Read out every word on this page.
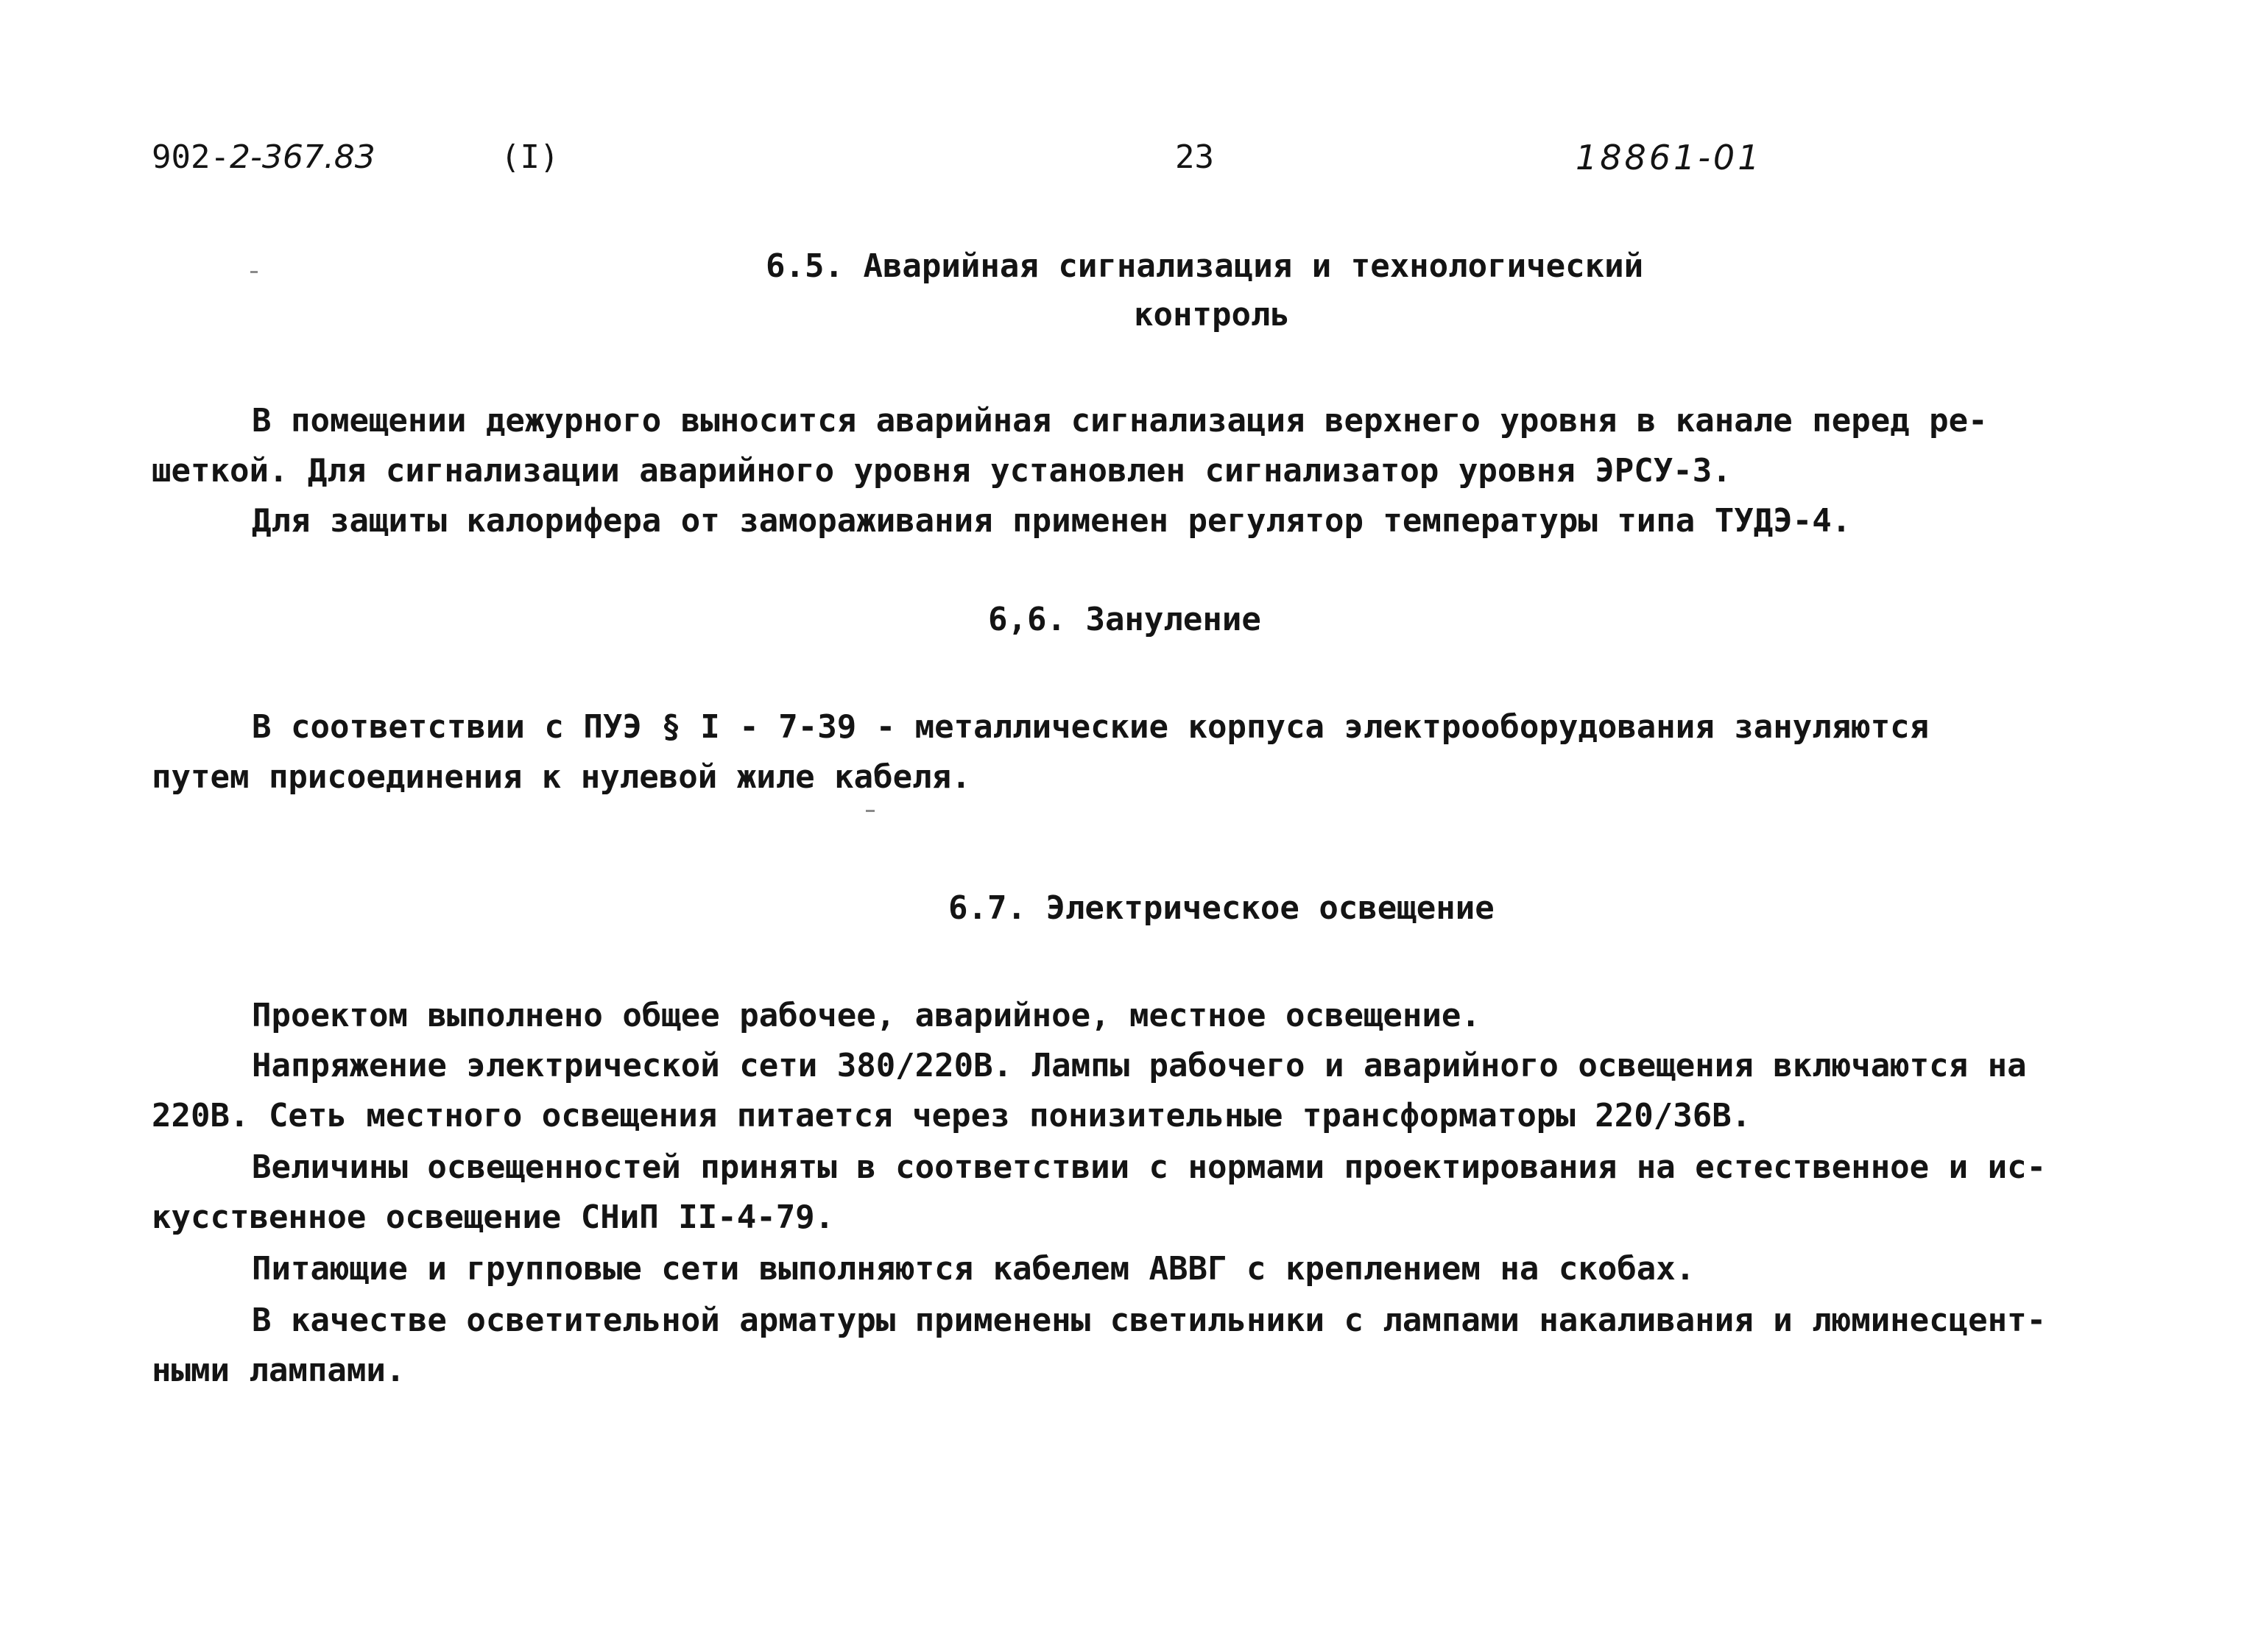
902-2-367.83	(I)	23	18861-01
6.5. Аварийная сигнализация и технологический
контроль
В помещении дежурного выносится аварийная сигнализация верхнего уровня в канале перед ре-
шеткой. Для сигнализации аварийного уровня установлен сигнализатор уровня ЭРСУ-3.
Для защиты калорифера от замораживания применен регулятор температуры типа ТУДЭ-4.
6,6. Зануление
В соответствии с ПУЭ § I - 7-39 - металлические корпуса электрооборудования зануляются
путем присоединения к нулевой жиле кабеля.
6.7. Электрическое освещение
Проектом выполнено общее рабочее, аварийное, местное освещение.
Напряжение электрической сети 380/220В. Лампы рабочего и аварийного освещения включаются на
220В. Сеть местного освещения питается через понизительные трансформаторы 220/36В.
Величины освещенностей приняты в соответствии с нормами проектирования на естественное и ис-
кусственное освещение СНиП II-4-79.
Питающие и групповые сети выполняются кабелем АВВГ с креплением на скобах.
В качестве осветительной арматуры применены светильники с лампами накаливания и люминесцент-
ными лампами.
